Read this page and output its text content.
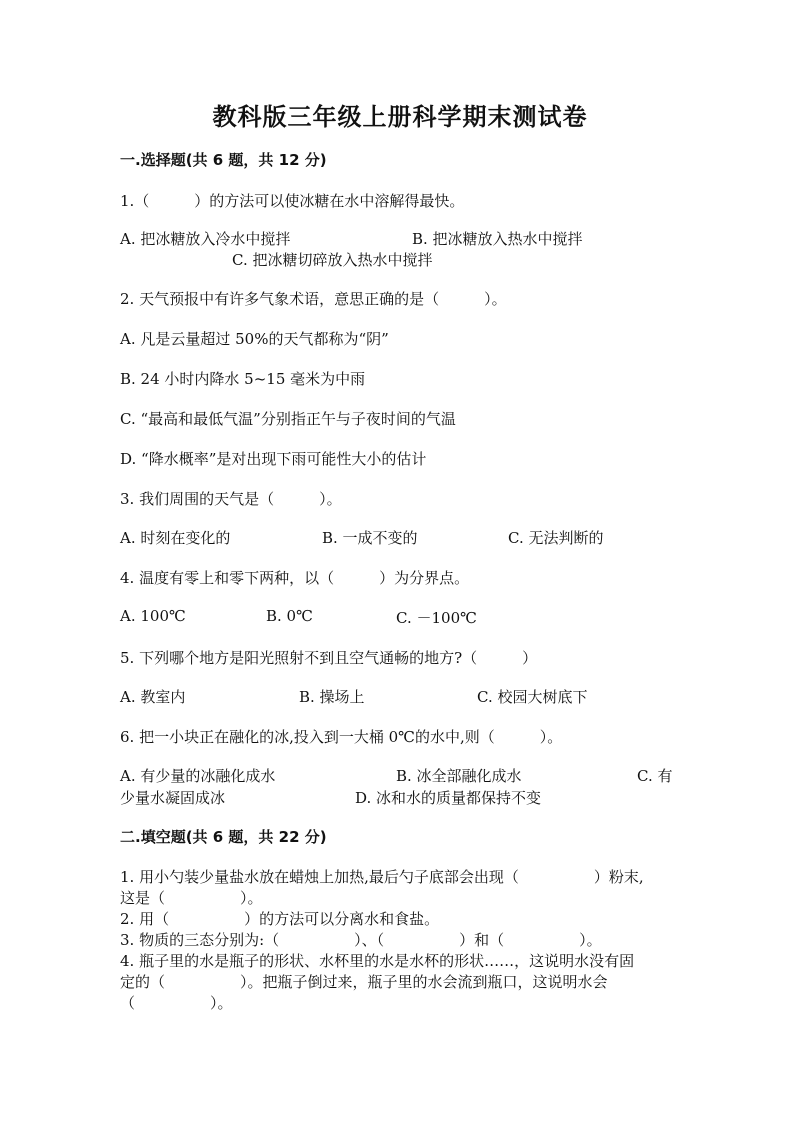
教科版三年级上册科学期末测试卷
一.选择题(共 6 题，共 12 分)
1.（　　　）的方法可以使冰糖在水中溶解得最快。
A. 把冰糖放入冷水中搅拌	B. 把冰糖放入热水中搅拌
C. 把冰糖切碎放入热水中搅拌
2. 天气预报中有许多气象术语，意思正确的是（　　　）。
A. 凡是云量超过 50%的天气都称为“阴”
B. 24 小时内降水 5~15 毫米为中雨
C. “最高和最低气温”分别指正午与子夜时间的气温
D. “降水概率”是对出现下雨可能性大小的估计
3. 我们周围的天气是（　　　）。
A. 时刻在变化的	B. 一成不变的	C. 无法判断的
4. 温度有零上和零下两种，以（　　　）为分界点。
A. 100℃	B. 0℃	C. －100℃
5. 下列哪个地方是阳光照射不到且空气通畅的地方?（　　　）
A. 教室内	B. 操场上	C. 校园大树底下
6. 把一小块正在融化的冰,投入到一大桶 0℃的水中,则（　　　）。
A. 有少量的冰融化成水	B. 冰全部融化成水	C. 有
少量水凝固成冰	D. 冰和水的质量都保持不变
二.填空题(共 6 题，共 22 分)
1. 用小勺装少量盐水放在蜡烛上加热,最后勺子底部会出现（　　　　　）粉末,
这是（　　　　　）。
2. 用（　　　　　）的方法可以分离水和食盐。
3. 物质的三态分别为:（　　　　　）、（　　　　　）和（　　　　　）。
4. 瓶子里的水是瓶子的形状、水杯里的水是水杯的形状……，这说明水没有固
定的（　　　　　）。把瓶子倒过来，瓶子里的水会流到瓶口，这说明水会
（　　　　　）。
